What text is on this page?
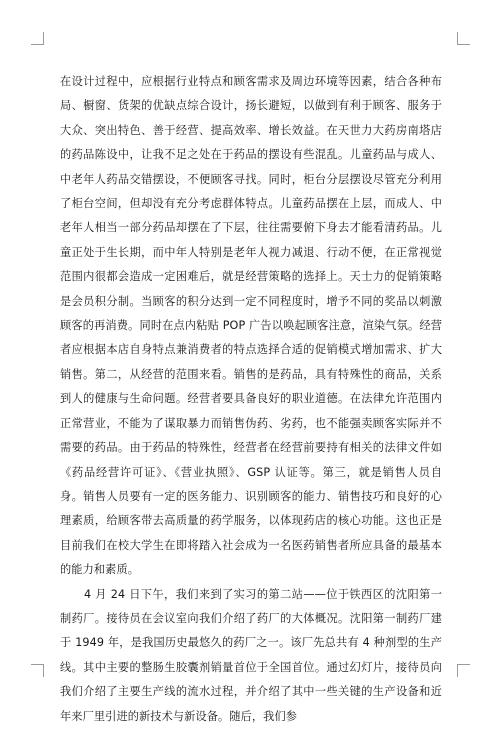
在设计过程中，应根据行业特点和顾客需求及周边环境等因素，结合各种布局、橱窗、货架的优缺点综合设计，扬长避短，以做到有利于顾客、服务于大众、突出特色、善于经营、提高效率、增长效益。在天世力大药房南塔店的药品陈设中，让我不足之处在于药品的摆设有些混乱。儿童药品与成人、中老年人药品交错摆设，不便顾客寻找。同时，柜台分层摆设尽管充分利用了柜台空间，但却没有充分考虑群体特点。儿童药品摆在上层，而成人、中老年人相当一部分药品却摆在了下层，往往需要俯下身去才能看清药品。儿童正处于生长期，而中年人特别是老年人视力减退、行动不便，在正常视觉范围内很都会造成一定困难后，就是经营策略的选择上。天士力的促销策略是会员积分制。当顾客的积分达到一定不同程度时，增予不同的奖品以刺激顾客的再消费。同时在点内粘贴 POP 广告以唤起顾客注意，渲染气氛。经营者应根据本店自身特点兼消费者的特点选择合适的促销模式增加需求、扩大销售。第二，从经营的范围来看。销售的是药品，具有特殊性的商品，关系到人的健康与生命问题。经营者要具备良好的职业道德。在法律允许范围内正常营业，不能为了谋取暴力而销售伪药、劣药，也不能强卖顾客实际并不需要的药品。由于药品的特殊性，经营者在经营前要持有相关的法律文件如《药品经营许可证》、《营业执照》、GSP 认证等。第三，就是销售人员自身。销售人员要有一定的医务能力、识别顾客的能力、销售技巧和良好的心理素质，给顾客带去高质量的药学服务，以体现药店的核心功能。这也正是目前我们在校大学生在即将踏入社会成为一名医药销售者所应具备的最基本的能力和素质。

4 月 24 日下午，我们来到了实习的第二站——位于铁西区的沈阳第一制药厂。接待员在会议室向我们介绍了药厂的大体概况。沈阳第一制药厂建于 1949 年，是我国历史最悠久的药厂之一。该厂先总共有 4 种剂型的生产线。其中主要的整肠生胶囊剂销量首位于全国首位。通过幻灯片，接待员向我们介绍了主要生产线的流水过程，并介绍了其中一些关键的生产设备和近年来厂里引进的新技术与新设备。随后，我们参
